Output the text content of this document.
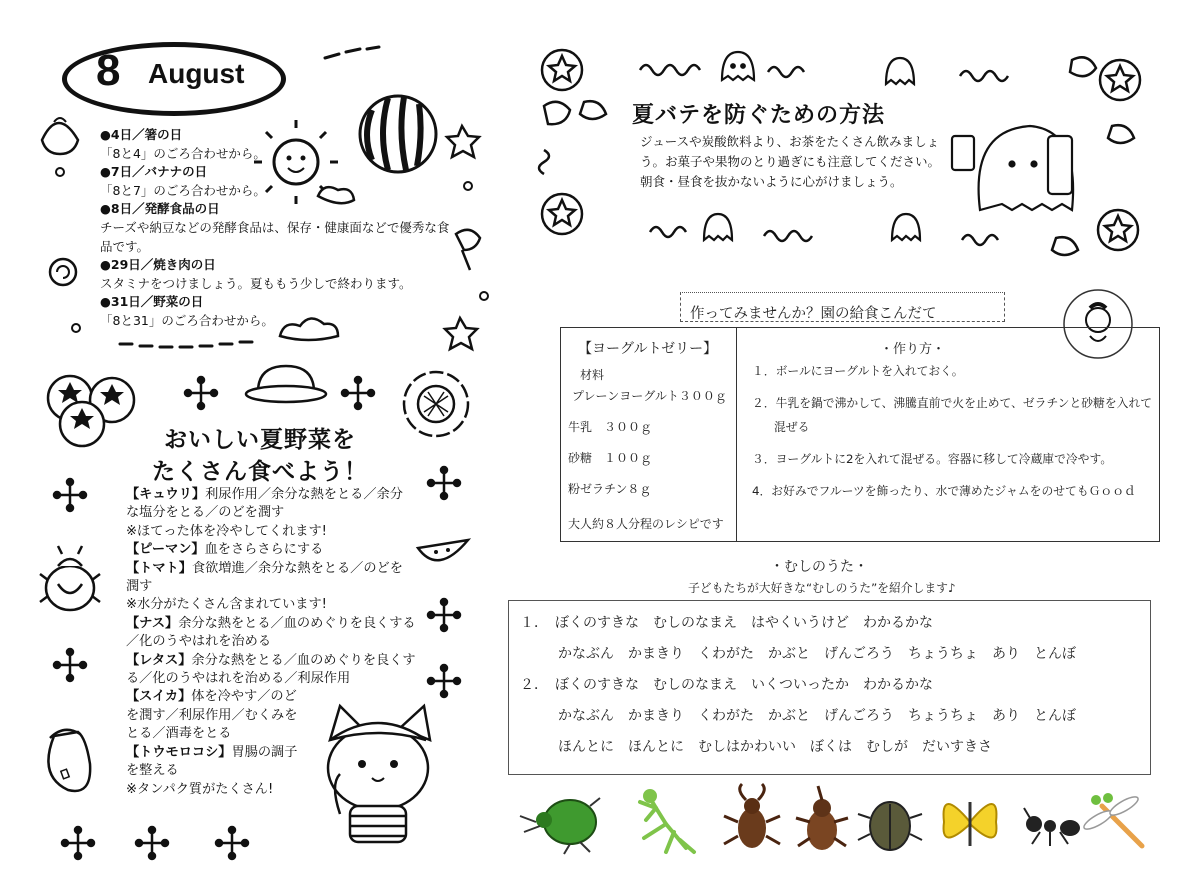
8 August
●4日／箸の日
「8と4」のごろ合わせから。
●7日／バナナの日
「8と7」のごろ合わせから。
●8日／発酵食品の日
チーズや納豆などの発酵食品は、保存・健康面などで優秀な食品です。
●29日／焼き肉の日
スタミナをつけましょう。夏ももう少しで終わります。
●31日／野菜の日
「8と31」のごろ合わせから。
おいしい夏野菜を
たくさん食べよう！
【キュウリ】利尿作用／余分な熱をとる／余分な塩分をとる／のどを潤す
※ほてった体を冷やしてくれます!
【ピーマン】血をさらさらにする
【トマト】食欲増進／余分な熱をとる／のどを潤す
※水分がたくさん含まれています!
【ナス】余分な熱をとる／血のめぐりを良くする／化のうやはれを治める
【レタス】余分な熱をとる／血のめぐりを良くする／化のうやはれを治める／利尿作用
【スイカ】体を冷やす／のどを潤す／利尿作用／むくみをとる／酒毒をとる
【トウモロコシ】胃腸の調子を整える
※タンパク質がたくさん!
夏バテを防ぐための方法
ジュースや炭酸飲料より、お茶をたくさん飲みましょう。お菓子や果物のとり過ぎにも注意してください。朝食・昼食を抜かないように心がけましょう。
作ってみませんか？園の給食こんだて
【ヨーグルトゼリー】
材料
プレーンヨーグルト３００ｇ
牛乳　３００ｇ
砂糖　１００ｇ
粉ゼラチン８ｇ
大人約８人分程のレシピです
・作り方・
１．ボールにヨーグルトを入れておく。
２．牛乳を鍋で沸かして、沸騰直前で火を止めて、ゼラチンと砂糖を入れて
混ぜる
３．ヨーグルトに2を入れて混ぜる。容器に移して冷蔵庫で冷やす。
4．お好みでフルーツを飾ったり、水で薄めたジャムをのせてもＧｏｏｄ
・むしのうた・
子どもたちが大好きな“むしのうた”を紹介します♪
１．　ぼくのすきな　むしのなまえ　はやくいうけど　わかるかな
かなぶん　かまきり　くわがた　かぶと　げんごろう　ちょうちょ　あり　とんぼ
２．　ぼくのすきな　むしのなまえ　いくついったか　わかるかな
かなぶん　かまきり　くわがた　かぶと　げんごろう　ちょうちょ　あり　とんぼ
ほんとに　ほんとに　むしはかわいい　ぼくは　むしが　だいすきさ
